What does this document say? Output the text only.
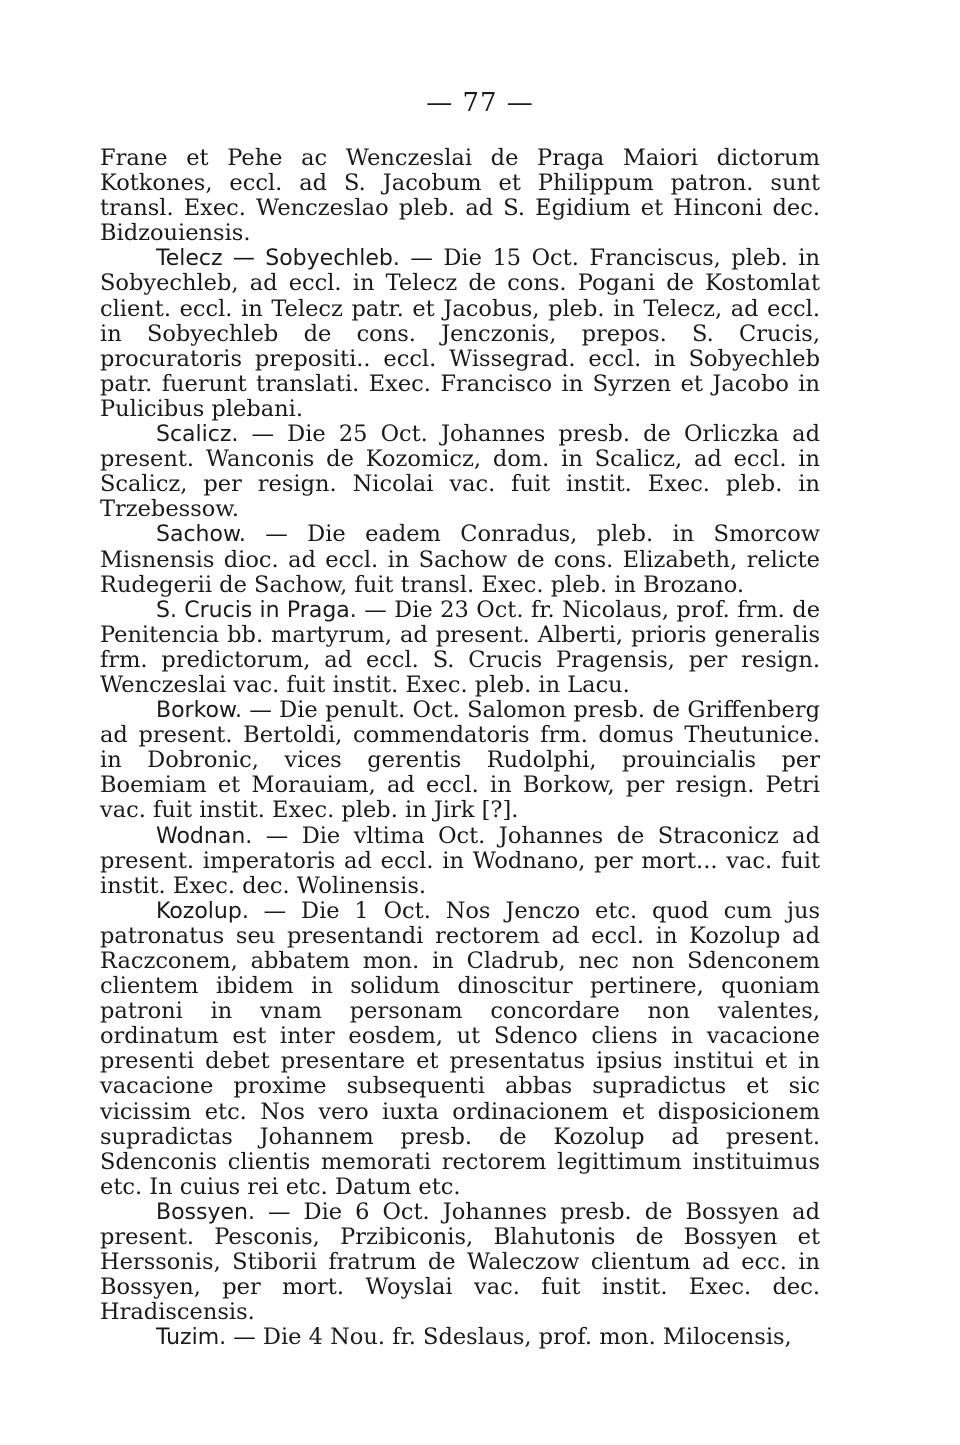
— 77 —

Frane et Pehe ac Wenczeslai de Praga Maiori dictorum Kotkones, eccl. ad S. Jacobum et Philippum patron. sunt transl. Exec. Wenczeslao pleb. ad S. Egidium et Hinconi dec. Bidzouiensis.

Telecz — Sobyechleb. — Die 15 Oct. Franciscus, pleb. in Sobyechleb, ad eccl. in Telecz de cons. Pogani de Kostomlat client. eccl. in Telecz patr. et Jacobus, pleb. in Telecz, ad eccl. in Sobyechleb de cons. Jenczonis, prepos. S. Crucis, procuratoris prepositi.. eccl. Wissegrad. eccl. in Sobyechleb patr. fuerunt translati. Exec. Francisco in Syrzen et Jacobo in Pulicibus plebani.

Scalicz. — Die 25 Oct. Johannes presb. de Orliczka ad present. Wanconis de Kozomicz, dom. in Scalicz, ad eccl. in Scalicz, per resign. Nicolai vac. fuit instit. Exec. pleb. in Trzebessow.

Sachow. — Die eadem Conradus, pleb. in Smorcow Misnensis dioc. ad eccl. in Sachow de cons. Elizabeth, relicte Rudegerii de Sachow, fuit transl. Exec. pleb. in Brozano.

S. Crucis in Praga. — Die 23 Oct. fr. Nicolaus, prof. frm. de Penitencia bb. martyrum, ad present. Alberti, prioris generalis frm. predictorum, ad eccl. S. Crucis Pragensis, per resign. Wenczeslai vac. fuit instit. Exec. pleb. in Lacu.

Borkow. — Die penult. Oct. Salomon presb. de Griffenberg ad present. Bertoldi, commendatoris frm. domus Theutunice. in Dobronic, vices gerentis Rudolphi, prouincialis per Boemiam et Morauiam, ad eccl. in Borkow, per resign. Petri vac. fuit instit. Exec. pleb. in Jirk [?].

Wodnan. — Die vltima Oct. Johannes de Straconicz ad present. imperatoris ad eccl. in Wodnano, per mort... vac. fuit instit. Exec. dec. Wolinensis.

Kozolup. — Die 1 Oct. Nos Jenczo etc. quod cum jus patronatus seu presentandi rectorem ad eccl. in Kozolup ad Raczconem, abbatem mon. in Cladrub, nec non Sdenconem clientem ibidem in solidum dinoscitur pertinere, quoniam patroni in vnam personam concordare non valentes, ordinatum est inter eosdem, ut Sdenco cliens in vacacione presenti debet presentare et presentatus ipsius institui et in vacacione proxime subsequenti abbas supradictus et sic vicissim etc. Nos vero iuxta ordinacionem et disposicionem supradictas Johannem presb. de Kozolup ad present. Sdenconis clientis memorati rectorem legittimum instituimus etc. In cuius rei etc. Datum etc.

Bossyen. — Die 6 Oct. Johannes presb. de Bossyen ad present. Pesconis, Przibiconis, Blahutonis de Bossyen et Herssonis, Stiborii fratrum de Waleczow clientum ad ecc. in Bossyen, per mort. Woyslai vac. fuit instit. Exec. dec. Hradiscensis.

Tuzim. — Die 4 Nou. fr. Sdeslaus, prof. mon. Milocensis,
